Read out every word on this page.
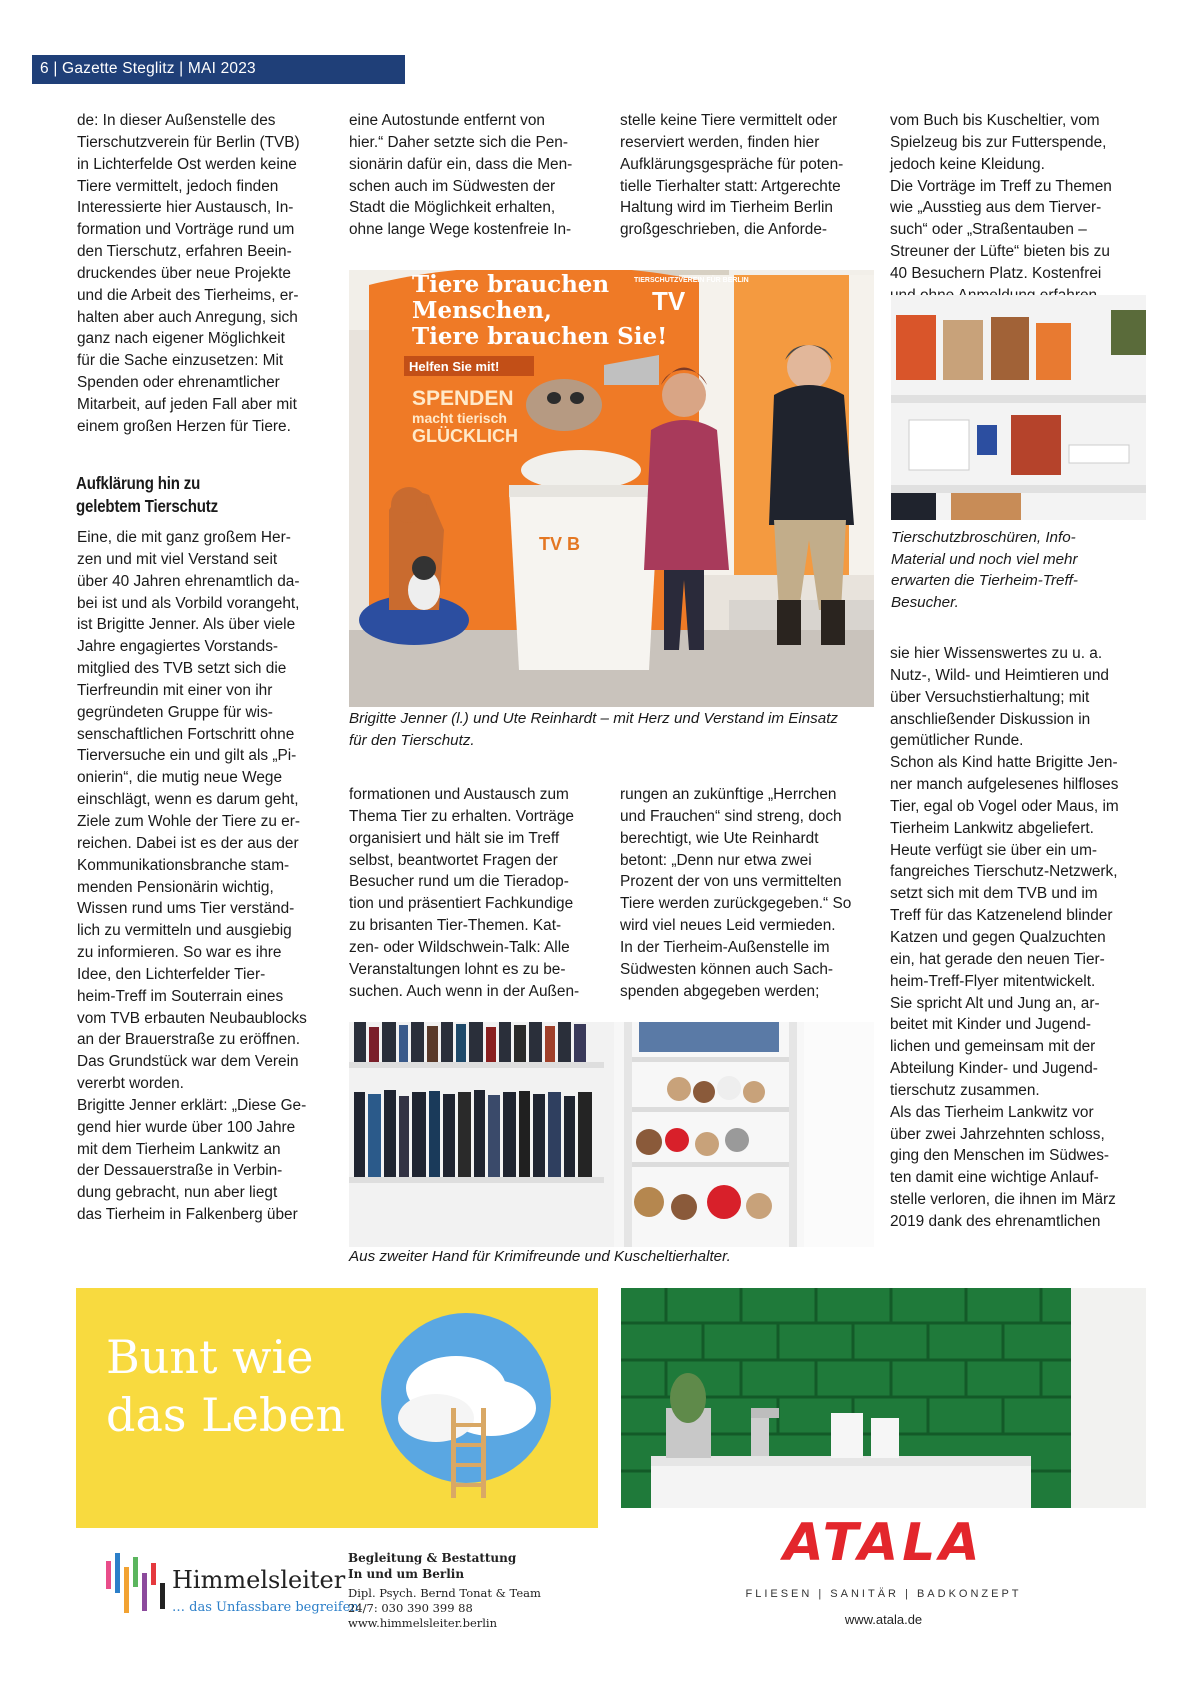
6 | Gazette Steglitz | MAI 2023

de: In dieser Außenstelle des
Tierschutzverein für Berlin (TVB)
in Lichterfelde Ost werden keine
Tiere vermittelt, jedoch finden
Interessierte hier Austausch, In-
formation und Vorträge rund um
den Tierschutz, erfahren Beein-
druckendes über neue Projekte
und die Arbeit des Tierheims, er-
halten aber auch Anregung, sich
ganz nach eigener Möglichkeit
für die Sache einzusetzen: Mit
Spenden oder ehrenamtlicher
Mitarbeit, auf jeden Fall aber mit
einem großen Herzen für Tiere.

Aufklärung hin zu
gelebtem Tierschutz

Eine, die mit ganz großem Her-
zen und mit viel Verstand seit
über 40 Jahren ehrenamtlich da-
bei ist und als Vorbild vorangeht,
ist Brigitte Jenner. Als über viele
Jahre engagiertes Vorstands-
mitglied des TVB setzt sich die
Tierfreundin mit einer von ihr
gegründeten Gruppe für wis-
senschaftlichen Fortschritt ohne
Tierversuche ein und gilt als „Pi-
onierin“, die mutig neue Wege
einschlägt, wenn es darum geht,
Ziele zum Wohle der Tiere zu er-
reichen. Dabei ist es der aus der
Kommunikationsbranche stam-
menden Pensionärin wichtig,
Wissen rund ums Tier verständ-
lich zu vermitteln und ausgiebig
zu informieren. So war es ihre
Idee, den Lichterfelder Tier-
heim-Treff im Souterrain eines
vom TVB erbauten Neubaublocks
an der Brauerstraße zu eröffnen.
Das Grundstück war dem Verein
vererbt worden.
Brigitte Jenner erklärt: „Diese Ge-
gend hier wurde über 100 Jahre
mit dem Tierheim Lankwitz an
der Dessauerstraße in Verbin-
dung gebracht, nun aber liegt
das Tierheim in Falkenberg über

eine Autostunde entfernt von
hier.“ Daher setzte sich die Pen-
sionärin dafür ein, dass die Men-
schen auch im Südwesten der
Stadt die Möglichkeit erhalten,
ohne lange Wege kostenfreie In-

stelle keine Tiere vermittelt oder
reserviert werden, finden hier
Aufklärungsgespräche für poten-
tielle Tierhalter statt: Artgerechte
Haltung wird im Tierheim Berlin
großgeschrieben, die Anforde-

vom Buch bis Kuscheltier, vom
Spielzeug bis zur Futterspende,
jedoch keine Kleidung.
Die Vorträge im Treff zu Themen
wie „Ausstieg aus dem Tierver-
such“ oder „Straßentauben –
Streuner der Lüfte“ bieten bis zu
40 Besuchern Platz. Kostenfrei

Tiere brauchen
Menschen,
Tiere brauchen Sie!
Helfen Sie mit!
SPENDEN
macht tierisch
GLÜCKLICH
TV
TV B
TIERSCHUTZVEREIN FÜR BERLIN
Brigitte Jenner (l.) und Ute Reinhardt – mit Herz und Verstand im Einsatz
für den Tierschutz.
Tierschutzbroschüren, Info-
Material und noch viel mehr
erwarten die Tierheim-Treff-
Besucher.

formationen und Austausch zum
Thema Tier zu erhalten. Vorträge
organisiert und hält sie im Treff
selbst, beantwortet Fragen der
Besucher rund um die Tieradop-
tion und präsentiert Fachkundige
zu brisanten Tier-Themen. Kat-
zen- oder Wildschwein-Talk: Alle
Veranstaltungen lohnt es zu be-
suchen. Auch wenn in der Außen-

rungen an zukünftige „Herrchen
und Frauchen“ sind streng, doch
berechtigt, wie Ute Reinhardt
betont: „Denn nur etwa zwei
Prozent der von uns vermittelten
Tiere werden zurückgegeben.“ So
wird viel neues Leid vermieden.
In der Tierheim-Außenstelle im
Südwesten können auch Sach-
spenden abgegeben werden;

sie hier Wissenswertes zu u. a.
Nutz-, Wild- und Heimtieren und
über Versuchstierhaltung; mit
anschließender Diskussion in
gemütlicher Runde.
Schon als Kind hatte Brigitte Jen-
ner manch aufgelesenes hilfloses
Tier, egal ob Vogel oder Maus, im
Tierheim Lankwitz abgeliefert.
Heute verfügt sie über ein um-
fangreiches Tierschutz-Netzwerk,
setzt sich mit dem TVB und im
Treff für das Katzenelend blinder
Katzen und gegen Qualzuchten
ein, hat gerade den neuen Tier-
heim-Treff-Flyer mitentwickelt.
Sie spricht Alt und Jung an, ar-
beitet mit Kinder und Jugend-
lichen und gemeinsam mit der
Abteilung Kinder- und Jugend-
tierschutz zusammen.
Als das Tierheim Lankwitz vor
über zwei Jahrzehnten schloss,
ging den Menschen im Südwes-
ten damit eine wichtige Anlauf-
stelle verloren, die ihnen im März
2019 dank des ehrenamtlichen

Aus zweiter Hand für Krimifreunde und Kuscheltierhalter.
Bunt wie
das Leben
Himmelsleiter
… das Unfassbare begreifen
Begleitung & Bestattung
In und um Berlin
Dipl. Psych. Bernd Tonat & Team
24/7: 030 390 399 88
www.himmelsleiter.berlin
ATALA
FLIESEN | SANITÄR | BADKONZEPT
www.atala.de
